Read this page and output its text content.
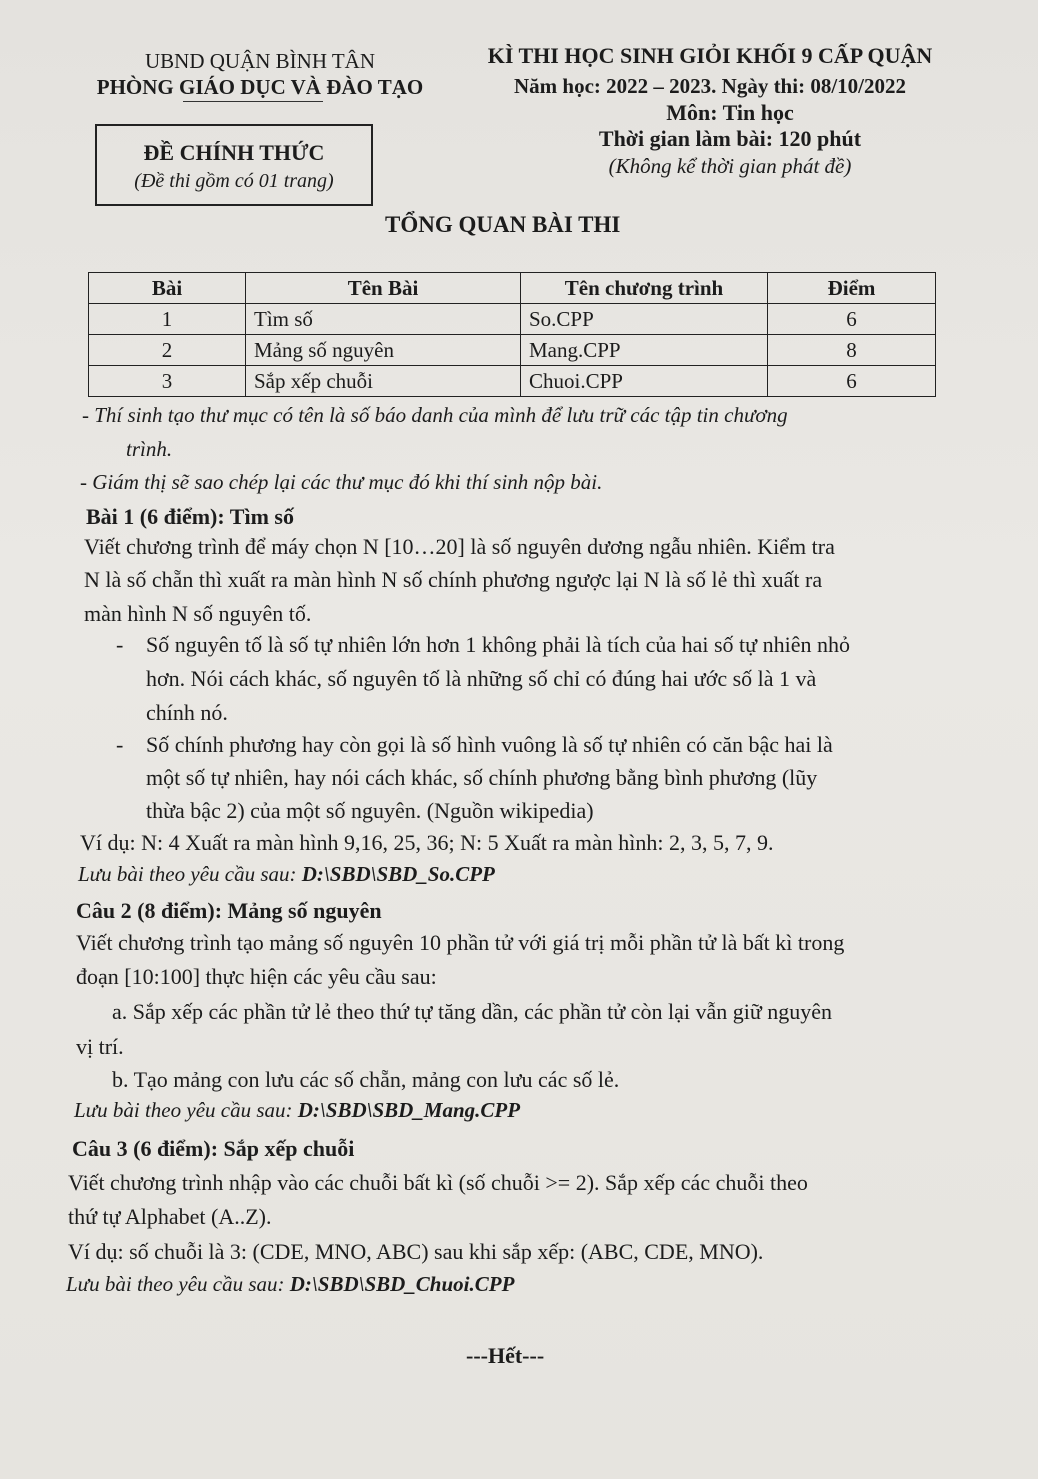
UBND QUẬN BÌNH TÂN
PHÒNG GIÁO DỤC VÀ ĐÀO TẠO
KÌ THI HỌC SINH GIỎI KHỐI 9 CẤP QUẬN
Năm học: 2022 – 2023. Ngày thi: 08/10/2022
Môn: Tin học
Thời gian làm bài: 120 phút
(Không kể thời gian phát đề)
ĐỀ CHÍNH THỨC
(Đề thi gồm có 01 trang)
TỔNG QUAN BÀI THI
Bài	Tên Bài	Tên chương trình	Điểm
1	Tìm số	So.CPP	6
2	Mảng số nguyên	Mang.CPP	8
3	Sắp xếp chuỗi	Chuoi.CPP	6
- Thí sinh tạo thư mục có tên là số báo danh của mình để lưu trữ các tập tin chương
trình.
- Giám thị sẽ sao chép lại các thư mục đó khi thí sinh nộp bài.
Bài 1 (6 điểm): Tìm số
Viết chương trình để máy chọn N [10…20] là số nguyên dương ngẫu nhiên. Kiểm tra
N là số chẵn thì xuất ra màn hình N số chính phương ngược lại N là số lẻ thì xuất ra
màn hình N số nguyên tố.
- Số nguyên tố là số tự nhiên lớn hơn 1 không phải là tích của hai số tự nhiên nhỏ
hơn. Nói cách khác, số nguyên tố là những số chỉ có đúng hai ước số là 1 và
chính nó.
- Số chính phương hay còn gọi là số hình vuông là số tự nhiên có căn bậc hai là
một số tự nhiên, hay nói cách khác, số chính phương bằng bình phương (lũy
thừa bậc 2) của một số nguyên. (Nguồn wikipedia)
Ví dụ: N: 4 Xuất ra màn hình 9,16, 25, 36; N: 5 Xuất ra màn hình: 2, 3, 5, 7, 9.
Lưu bài theo yêu cầu sau: D:\SBD\SBD_So.CPP
Câu 2 (8 điểm): Mảng số nguyên
Viết chương trình tạo mảng số nguyên 10 phần tử với giá trị mỗi phần tử là bất kì trong
đoạn [10:100] thực hiện các yêu cầu sau:
a. Sắp xếp các phần tử lẻ theo thứ tự tăng dần, các phần tử còn lại vẫn giữ nguyên
vị trí.
b. Tạo mảng con lưu các số chẵn, mảng con lưu các số lẻ.
Lưu bài theo yêu cầu sau: D:\SBD\SBD_Mang.CPP
Câu 3 (6 điểm): Sắp xếp chuỗi
Viết chương trình nhập vào các chuỗi bất kì (số chuỗi >= 2). Sắp xếp các chuỗi theo
thứ tự Alphabet (A..Z).
Ví dụ: số chuỗi là 3: (CDE, MNO, ABC) sau khi sắp xếp: (ABC, CDE, MNO).
Lưu bài theo yêu cầu sau: D:\SBD\SBD_Chuoi.CPP
---Hết---
